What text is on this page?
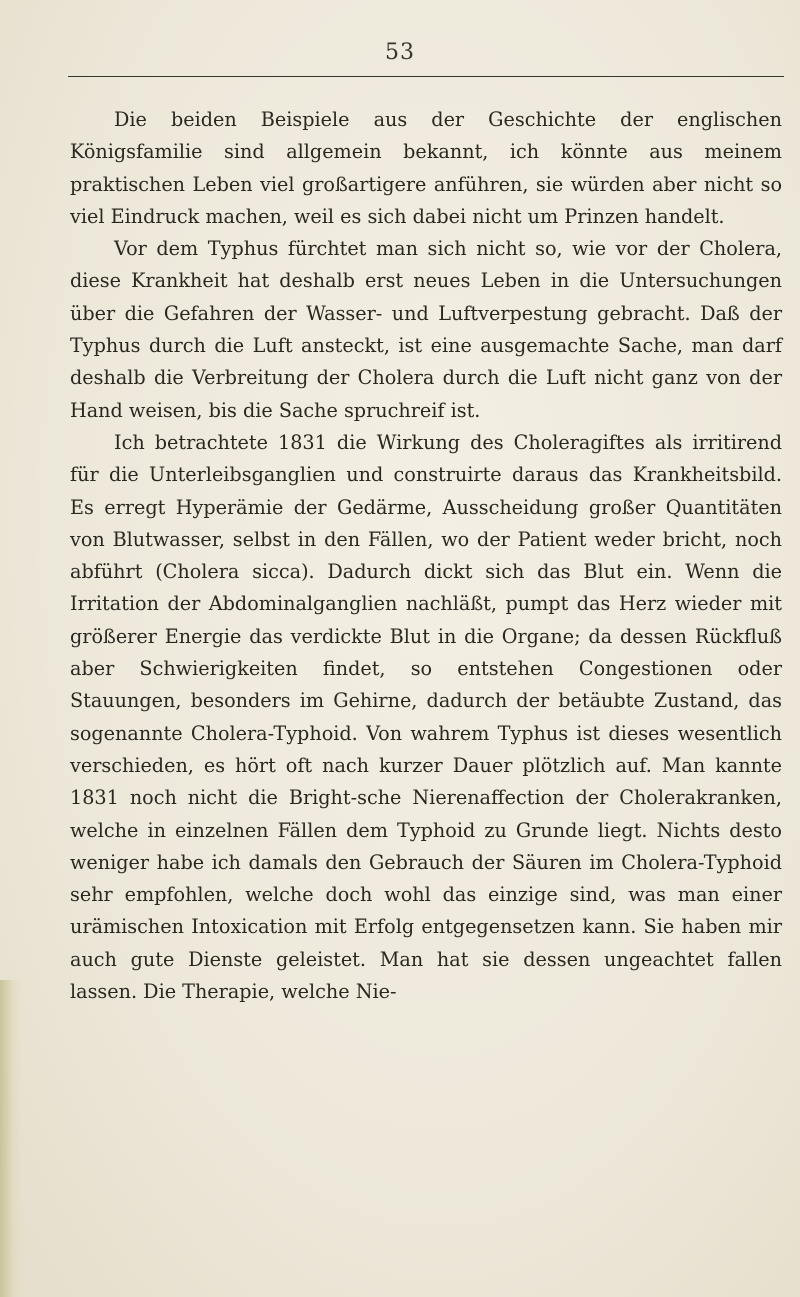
53

Die beiden Beispiele aus der Geschichte der englischen Königsfamilie sind allgemein bekannt, ich könnte aus meinem praktischen Leben viel großartigere anführen, sie würden aber nicht so viel Eindruck machen, weil es sich dabei nicht um Prinzen handelt.

Vor dem Typhus fürchtet man sich nicht so, wie vor der Cholera, diese Krankheit hat deshalb erst neues Leben in die Untersuchungen über die Gefahren der Wasser- und Luftverpestung gebracht. Daß der Typhus durch die Luft ansteckt, ist eine ausgemachte Sache, man darf deshalb die Verbreitung der Cholera durch die Luft nicht ganz von der Hand weisen, bis die Sache spruchreif ist.

Ich betrachtete 1831 die Wirkung des Choleragiftes als irritirend für die Unterleibsganglien und construirte daraus das Krankheitsbild. Es erregt Hyperämie der Gedärme, Ausscheidung großer Quantitäten von Blutwasser, selbst in den Fällen, wo der Patient weder bricht, noch abführt (Cholera sicca). Dadurch dickt sich das Blut ein. Wenn die Irritation der Abdominalganglien nachläßt, pumpt das Herz wieder mit größerer Energie das verdickte Blut in die Organe; da dessen Rückfluß aber Schwierigkeiten findet, so entstehen Congestionen oder Stauungen, besonders im Gehirne, dadurch der betäubte Zustand, das sogenannte Cholera-Typhoid. Von wahrem Typhus ist dieses wesentlich verschieden, es hört oft nach kurzer Dauer plötzlich auf. Man kannte 1831 noch nicht die Bright-sche Nierenaffection der Cholerakranken, welche in einzelnen Fällen dem Typhoid zu Grunde liegt. Nichts desto weniger habe ich damals den Gebrauch der Säuren im Cholera-Typhoid sehr empfohlen, welche doch wohl das einzige sind, was man einer urämischen Intoxication mit Erfolg entgegensetzen kann. Sie haben mir auch gute Dienste geleistet. Man hat sie dessen ungeachtet fallen lassen. Die Therapie, welche Nie-
